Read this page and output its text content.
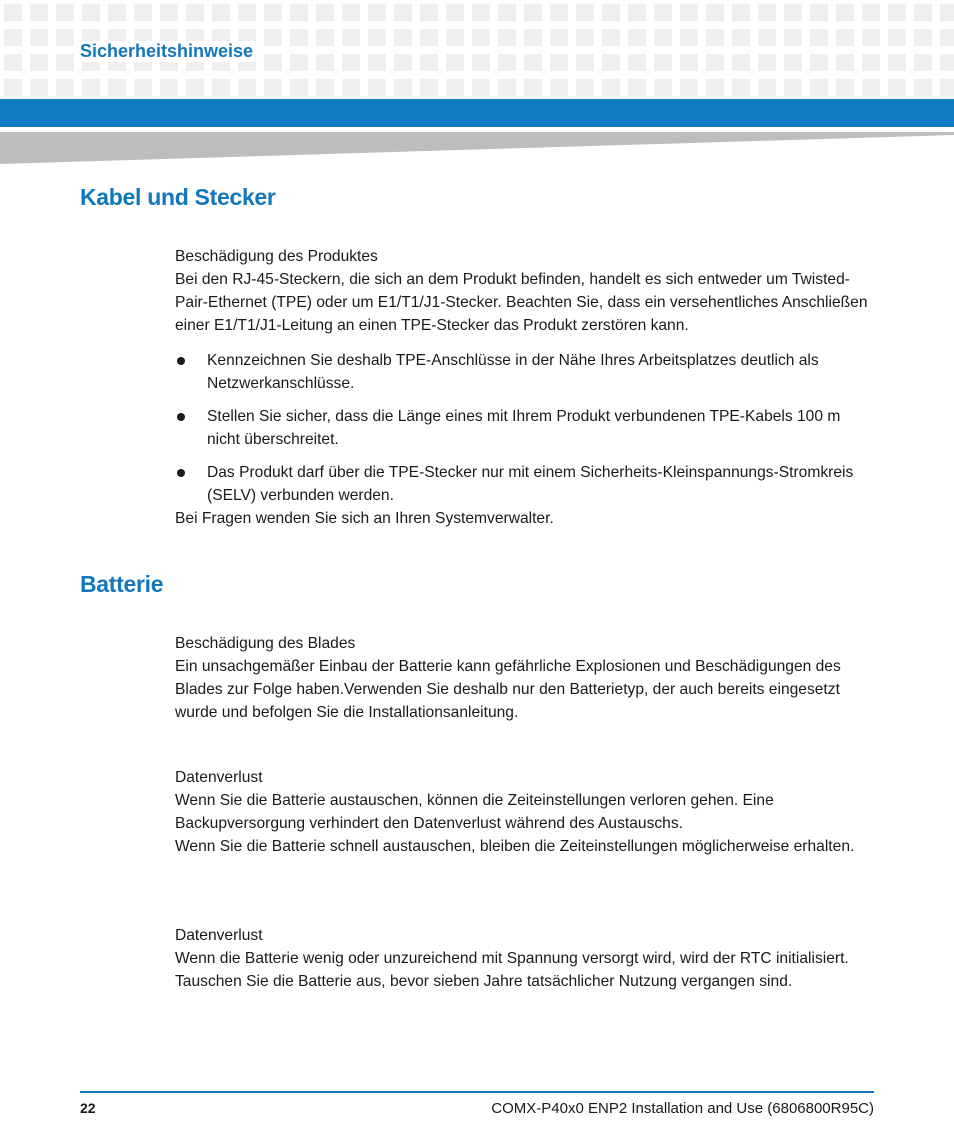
Sicherheitshinweise
Kabel und Stecker

Beschädigung des Produktes

Bei den RJ-45-Steckern, die sich an dem Produkt befinden, handelt es sich entweder um Twisted-Pair-Ethernet (TPE) oder um E1/T1/J1-Stecker. Beachten Sie, dass ein versehentliches Anschließen einer E1/T1/J1-Leitung an einen TPE-Stecker das Produkt zerstören kann.

Kennzeichnen Sie deshalb TPE-Anschlüsse in der Nähe Ihres Arbeitsplatzes deutlich als Netzwerkanschlüsse.
Stellen Sie sicher, dass die Länge eines mit Ihrem Produkt verbundenen TPE-Kabels 100 m nicht überschreitet.
Das Produkt darf über die TPE-Stecker nur mit einem Sicherheits-Kleinspannungs-Stromkreis (SELV) verbunden werden.

Bei Fragen wenden Sie sich an Ihren Systemverwalter.

Batterie

Beschädigung des Blades

Ein unsachgemäßer Einbau der Batterie kann gefährliche Explosionen und Beschädigungen des Blades zur Folge haben.Verwenden Sie deshalb nur den Batterietyp, der auch bereits eingesetzt wurde und befolgen Sie die Installationsanleitung.

Datenverlust

Wenn Sie die Batterie austauschen, können die Zeiteinstellungen verloren gehen. Eine Backupversorgung verhindert den Datenverlust während des Austauschs.

Wenn Sie die Batterie schnell austauschen, bleiben die Zeiteinstellungen möglicherweise erhalten.

Datenverlust

Wenn die Batterie wenig oder unzureichend mit Spannung versorgt wird, wird der RTC initialisiert.

Tauschen Sie die Batterie aus, bevor sieben Jahre tatsächlicher Nutzung vergangen sind.

22	COMX-P40x0 ENP2 Installation and Use (6806800R95C)
